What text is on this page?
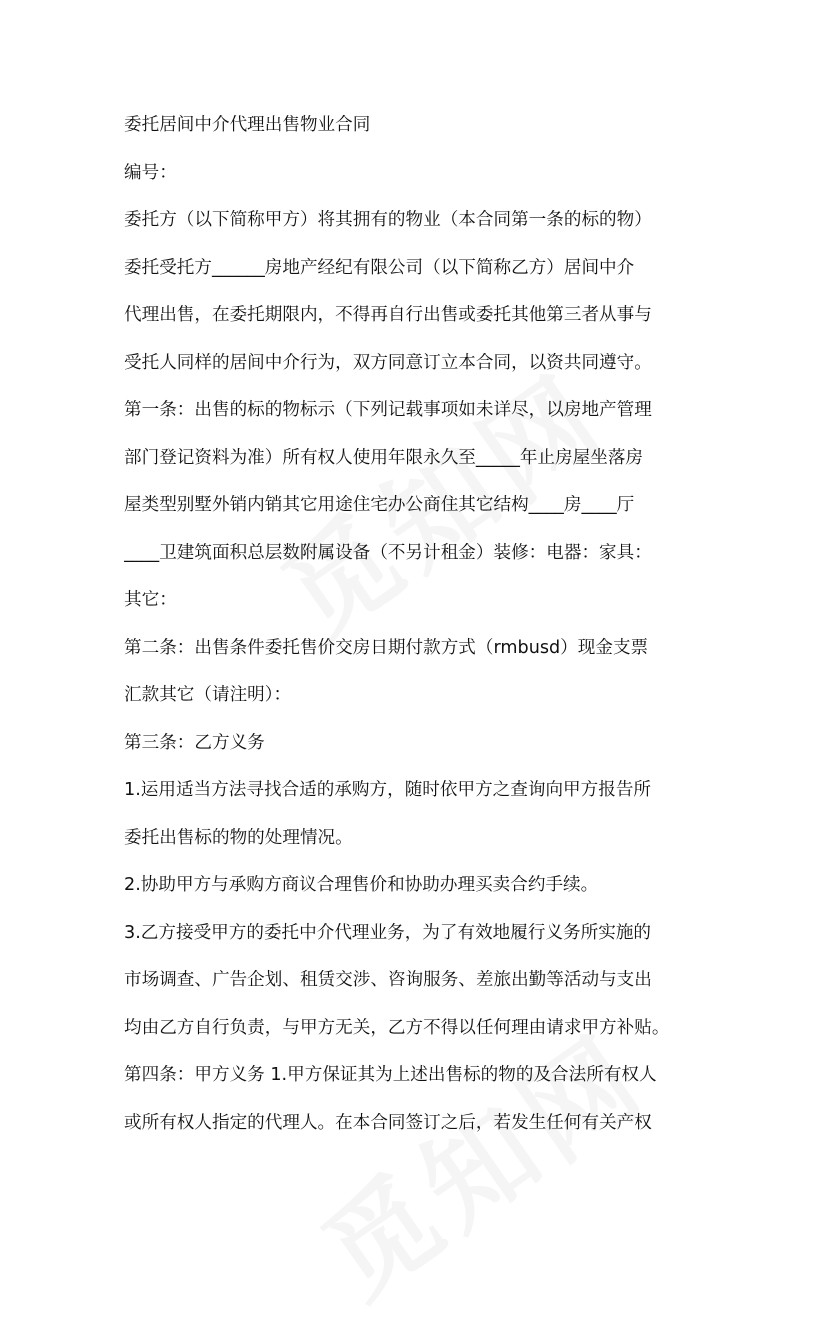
委托居间中介代理出售物业合同
编号：
委托方（以下简称甲方）将其拥有的物业（本合同第一条的标的物）
委托受托方______房地产经纪有限公司（以下简称乙方）居间中介
代理出售，在委托期限内，不得再自行出售或委托其他第三者从事与
受托人同样的居间中介行为，双方同意订立本合同，以资共同遵守。
第一条：出售的标的物标示（下列记载事项如未详尽，以房地产管理
部门登记资料为准）所有权人使用年限永久至_____年止房屋坐落房
屋类型别墅外销内销其它用途住宅办公商住其它结构____房____厅
____卫建筑面积总层数附属设备（不另计租金）装修：电器：家具：
其它：
第二条：出售条件委托售价交房日期付款方式（rmbusd）现金支票
汇款其它（请注明）：
第三条：乙方义务
1.运用适当方法寻找合适的承购方，随时依甲方之查询向甲方报告所
委托出售标的物的处理情况。
2.协助甲方与承购方商议合理售价和协助办理买卖合约手续。
3.乙方接受甲方的委托中介代理业务，为了有效地履行义务所实施的
市场调查、广告企划、租赁交涉、咨询服务、差旅出勤等活动与支出
均由乙方自行负责，与甲方无关，乙方不得以任何理由请求甲方补贴。
第四条：甲方义务 1.甲方保证其为上述出售标的物的及合法所有权人
或所有权人指定的代理人。在本合同签订之后，若发生任何有关产权
